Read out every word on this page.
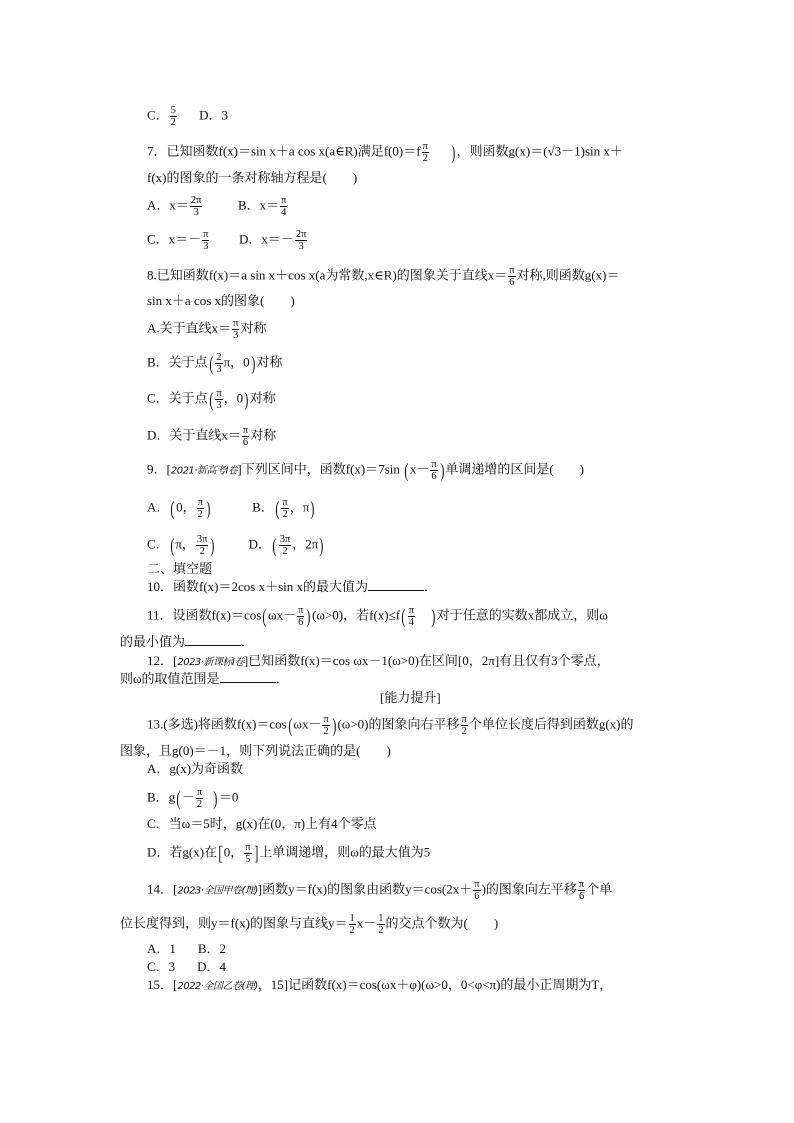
C． $\frac{5}{2}$ D．3
7．已知函数f(x)＝sin x＋a cos x(a∈R)满足$f(0)=f \frac{\pi}{2}$ )，则函数g(x)＝(√3－1)sin x＋
f(x)的图象的一条对称轴方程是(　　)
A．$x= \frac{2\pi}{3}$	B．$x= \frac{\pi}{4}$
C．$x=- \frac{\pi}{3}$ D．$x=- \frac{2\pi}{3}$
8.已知函数f(x)＝a sin x＋cos x(a为常数,x∈R)的图象关于直线$x= \frac{\pi}{6}$ 对称,则函数g(x)＝
sin x＋a cos x的图象(　　)
A.关于直线$x= \frac{\pi}{3}$ 对称
B．关于点( $\frac{2}{3}$ π，0)对称
C．关于点( $\frac{\pi}{3}$ ，0)对称
D．关于直线$x= \frac{\pi}{6}$ 对称
9．[2021·新高考Ⅰ卷]下列区间中，函数f(x)＝7sin ($x- \frac{\pi}{6}$ )单调递增的区间是(　　)
A．(0， $\frac{\pi}{2}$ )	B．( $\frac{\pi}{2}$ ，π)
C．(π， $\frac{3\pi}{2}$ )	D．( $\frac{3\pi}{2}$ ，2π)
二、填空题
10．函数f(x)＝2cos x＋sin x的最大值为	．
11．设函数$f(x)=\cos(\omega x- \frac{\pi}{6} )(\omega>0)$，若$f(x)\le f( \frac{\pi}{4}$ )对于任意的实数x都成立，则ω
的最小值为	．
12．[2023·新课标Ⅰ卷]已知函数f(x)＝cos ωx－1(ω>0)在区间[0，2π]有且仅有3个零点，
则ω的取值范围是	．
[能力提升]
13.(多选)将函数$f(x)=\cos(\omega x- \frac{\pi}{2} )(\omega>0)$的图象向右平移 $\frac{\pi}{2}$ 个单位长度后得到函数g(x)的
图象，且g(0)＝－1，则下列说法正确的是(　　)
A．g(x)为奇函数
B．$g(- \frac{\pi}{2} )=0$
C．当ω＝5时，g(x)在(0，π)上有4个零点
D．若g(x)在[0， $\frac{\pi}{5}$ ]上单调递增，则ω的最大值为5
14．[2023·全国甲卷(理)]函数y＝f(x)的图象由函数$y=\cos(2x+ \frac{\pi}{6}$ )的图象向左平移 $\frac{\pi}{6}$ 个单
位长度得到，则y＝f(x)的图象与直线$y= \frac{1}{2} x- \frac{1}{2}$ 的交点个数为(　　)
A．1 B．2
C．3 D．4
15．[2022·全国乙卷(理)，15]记函数f(x)＝cos(ωx＋φ)(ω>0，0<φ<π)的最小正周期为T，
